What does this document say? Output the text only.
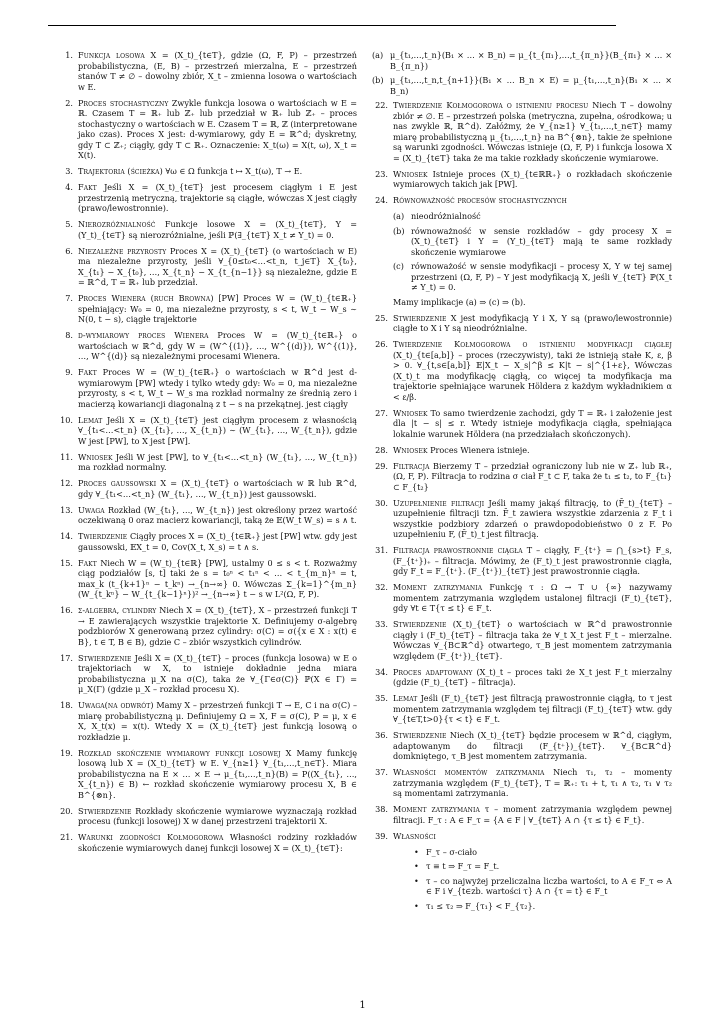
1. Funkcja losowa X = (X_t)_{t∈T}, gdzie (Ω, F, P) – przestrzeń probabilistyczna, (E, B) – przestrzeń mierzalna, E – przestrzeń stanów T ≠ ∅ – dowolny zbiór, X_t – zmienna losowa o wartościach w E.
2. Proces stochastyczny Zwykle funkcja losowa o wartościach w E = ℝ. Czasem T = ℝ₊ lub ℤ₊ lub przedział w ℝ₊ lub ℤ₊ – proces stochastyczny o wartościach w E. Czasem T = ℝ, ℤ (interpretowane jako czas). Proces X jest: d-wymiarowy, gdy E = ℝ^d; dyskretny, gdy T ⊂ ℤ₊; ciągły, gdy T ⊂ ℝ₊. Oznaczenie: X_t(ω) = X(t, ω), X_t = X(t).
3. Trajektoria (ścieżka) ∀ω ∈ Ω funkcja t ↦ X_t(ω), T → E.
4. Fakt Jeśli X = (X_t)_{t∈T} jest procesem ciągłym i E jest przestrzenią metryczną, trajektorie są ciągłe, wówczas X jest ciągły (prawo/lewostronnie).
5. Nierozróżnialność Funkcje losowe X = (X_t)_{t∈T}, Y = (Y_t)_{t∈T} są nierozróżnialne, jeśli ℙ(∃_{t∈T} X_t ≠ Y_t) = 0.
6. Niezależne przyrosty Proces X = (X_t)_{t∈T} (o wartościach w E) ma niezależne przyrosty, jeśli ∀_{0≤t₀<…<t_n, t_j∈T} X_{t₀}, X_{t₁} − X_{t₀}, …, X_{t_n} − X_{t_{n−1}} są niezależne, gdzie E = ℝ^d, T = ℝ₊ lub przedział.
7. Proces Wienera (ruch Browna) [PW] Proces W = (W_t)_{t∈ℝ₊} spełniający: W₀ = 0, ma niezależne przyrosty, s < t, W_t − W_s ∼ N(0, t − s), ciągłe trajektorie
8. d-wymiarowy proces Wienera Proces W = (W_t)_{t∈ℝ₊} o wartościach w ℝ^d, gdy W = (W^{(1)}, …, W^{(d)}), W^{(1)}, …, W^{(d)} są niezależnymi procesami Wienera.
9. Fakt Proces W = (W_t)_{t∈ℝ₊} o wartościach w ℝ^d jest d-wymiarowym [PW] wtedy i tylko wtedy gdy: W₀ = 0, ma niezależne przyrosty, s < t, W_t − W_s ma rozkład normalny ze średnią zero i macierzą kowariancji diagonalną z t − s na przekątnej. jest ciągły
10. Lemat Jeśli X = (X_t)_{t∈T} jest ciągłym procesem z własnością ∀_{t₁<…<t_n} (X_{t₁}, …, X_{t_n}) ∼ (W_{t₁}, …, W_{t_n}), gdzie W jest [PW], to X jest [PW].
11. Wniosek Jeśli W jest [PW], to ∀_{t₁<…<t_n} (W_{t₁}, …, W_{t_n}) ma rozkład normalny.
12. Proces gaussowski X = (X_t)_{t∈T} o wartościach w ℝ lub ℝ^d, gdy ∀_{t₁<…<t_n} (W_{t₁}, …, W_{t_n}) jest gaussowski.
13. Uwaga Rozkład (W_{t₁}, …, W_{t_n}) jest określony przez wartość oczekiwaną 0 oraz macierz kowariancji, taką że 𝔼(W_t W_s) = s ∧ t.
14. Twierdzenie Ciągły proces X = (X_t)_{t∈ℝ₊} jest [PW] wtw. gdy jest gaussowski, 𝔼X_t = 0, Cov(X_t, X_s) = t ∧ s.
15. Fakt Niech W = (W_t)_{t∈ℝ} [PW], ustalmy 0 ≤ s < t. Rozważmy ciąg podziałów [s, t] taki że s = t₀ⁿ < t₁ⁿ < … < t_{m_n}ⁿ = t, max_k (t_{k+1}ⁿ − t_kⁿ) →_{n→∞} 0. Wówczas Σ_{k=1}^{m_n} (W_{t_kⁿ} − W_{t_{k−1}ⁿ})² →_{n→∞} t − s w L²(Ω, F, P).
16. σ-algebra, cylindry Niech X = (X_t)_{t∈T}, X – przestrzeń funkcji T → E zawierających wszystkie trajektorie X. Definiujemy σ-algebrę podzbiorów X generowaną przez cylindry: σ(C) = σ({x ∈ X : x(t) ∈ B}, t ∈ T, B ∈ B), gdzie C – zbiór wszystkich cylindrów.
17. Stwierdzenie Jeśli X = (X_t)_{t∈T} – proces (funkcja losowa) w E o trajektoriach w X, to istnieje dokładnie jedna miara probabilistyczna μ_X na σ(C), taka że ∀_{Γ∈σ(C)} ℙ(X ∈ Γ) = μ_X(Γ) (gdzie μ_X – rozkład procesu X).
18. Uwaga(na odwrót) Mamy X – przestrzeń funkcji T → E, C i na σ(C) – miarę probabilistyczną μ. Definiujemy Ω = X, F = σ(C), P = μ, x ∈ X, X_t(x) = x(t). Wtedy X = (X_t)_{t∈T} jest funkcją losową o rozkładzie μ.
19. Rozkład skończenie wymiarowy funkcji losowej X Mamy funkcję losową lub X = (X_t)_{t∈T} w E. ∀_{n≥1} ∀_{t₁,…,t_n∈T}. Miara probabilistyczna na E × … × E → μ_{t₁,…,t_n}(B) = P((X_{t₁}, …, X_{t_n}) ∈ B) ← rozkład skończenie wymiarowy procesu X, B ∈ B^{⊗n}.
20. Stwierdzenie Rozkłady skończenie wymiarowe wyznaczają rozkład procesu (funkcji losowej) X w danej przestrzeni trajektorii X.
21. Warunki zgodności Kołmogorowa Własności rodziny rozkładów skończenie wymiarowych danej funkcji losowej X = (X_t)_{t∈T}:
(a) μ_{t₁,…,t_n}(B₁ × … × B_n) = μ_{t_{π₁},…,t_{π_n}}(B_{π₁} × … × B_{π_n})
(b) μ_{t₁,…,t_n,t_{n+1}}(B₁ × … B_n × E) = μ_{t₁,…,t_n}(B₁ × … × B_n)
22. Twierdzenie Kołmogorowa o istnieniu procesu Niech T – dowolny zbiór ≠ ∅. E – przestrzeń polska (metryczna, zupełna, ośrodkowa; u nas zwykle ℝ, ℝ^d). Załóżmy, że ∀_{n≥1} ∀_{t₁,…,t_n∈T} mamy miarę probabilistyczną μ_{t₁,…,t_n} na B^{⊗n}, takie że spełnione są warunki zgodności. Wówczas istnieje (Ω, F, P) i funkcja losowa X = (X_t)_{t∈T} taka że ma takie rozkłady skończenie wymiarowe.
23. Wniosek Istnieje proces (X_t)_{t∈ℝℝ₊} o rozkładach skończenie wymiarowych takich jak [PW].
24. Równoważność procesów stochastycznych
(a) nieodróżnialność
(b) równoważność w sensie rozkładów – gdy procesy X = (X_t)_{t∈T} i Y = (Y_t)_{t∈T} mają te same rozkłady skończenie wymiarowe
(c) równoważość w sensie modyfikacji – procesy X, Y w tej samej przestrzeni (Ω, F, P) – Y jest modyfikacją X, jeśli ∀_{t∈T} ℙ(X_t ≠ Y_t) = 0.
Mamy implikacje (a) ⇒ (c) ⇒ (b).
25. Stwierdzenie X jest modyfikacją Y i X, Y są (prawo/lewostronnie) ciągłe to X i Y są nieodróżnialne.
26. Twierdzenie Kołmogorowa o istnieniu modyfikacji ciągłej (X_t)_{t∈[a,b]} – proces (rzeczywisty), taki że istnieją stałe K, ε, β > 0. ∀_{t,s∈[a,b]} 𝔼|X_t − X_s|^β ≤ K|t − s|^{1+ε}, Wówczas (X_t)_t ma modyfikację ciągłą, co więcej ta modyfikacja ma trajektorie spełniające warunek Höldera z każdym wykładnikiem α < ε/β.
27. Wniosek To samo twierdzenie zachodzi, gdy T = ℝ₊ i założenie jest dla |t − s| ≤ r. Wtedy istnieje modyfikacja ciągła, spełniająca lokalnie warunek Höldera (na przedziałach skończonych).
28. Wniosek Proces Wienera istnieje.
29. Filtracja Bierzemy T – przedział ograniczony lub nie w ℤ₊ lub ℝ₊, (Ω, F, P). Filtracja to rodzina σ ciał F_t ⊂ F, taka że t₁ ≤ t₂, to F_{t₁} ⊂ F_{t₂}
30. Uzupełnienie filtracji Jeśli mamy jakąś filtrację, to (F̄_t)_{t∈T} – uzupełnienie filtracji tzn. F̄_t zawiera wszystkie zdarzenia z F_t i wszystkie podzbiory zdarzeń o prawdopodobieństwo 0 z F. Po uzupełnieniu F, (F̄_t)_t jest filtracją.
31. Filtracja prawostronnie ciągła T – ciągły, F_{t⁺} = ⋂_{s>t} F_s, (F_{t⁺})₊ – filtracja. Mówimy, że (F_t)_t jest prawostronnie ciągła, gdy F_t = F_{t⁺}. (F_{t⁺})_{t∈T} jest prawostronnie ciągła.
32. Moment zatrzymania Funkcję τ : Ω → T ∪ {∞} nazywamy momentem zatrzymania względem ustalonej filtracji (F_t)_{t∈T}, gdy ∀t ∈ T{τ ≤ t} ∈ F_t.
33. Stwierdzenie (X_t)_{t∈T} o wartościach w ℝ^d prawostronnie ciągły i (F_t)_{t∈T} – filtracja taka że ∀_t X_t jest F_t – mierzalne. Wówczas ∀_{B⊂ℝ^d} otwartego, τ_B jest momentem zatrzymania względem (F_{t⁺})_{t∈T}.
34. Proces adaptowany (X_t)_t – proces taki że X_t jest F_t mierzalny (gdzie (F_t)_{t∈T} – filtracja).
35. Lemat Jeśli (F_t)_{t∈T} jest filtracją prawostronnie ciągłą, to τ jest momentem zatrzymania względem tej filtracji (F_t)_{t∈T} wtw. gdy ∀_{t∈T,t>0}{τ < t} ∈ F_t.
36. Stwierdzenie Niech (X_t)_{t∈T} będzie procesem w ℝ^d, ciągłym, adaptowanym do filtracji (F_{t⁺})_{t∈T}. ∀_{B⊂ℝ^d} domkniętego, τ_B jest momentem zatrzymania.
37. Własności momentów zatrzymania Niech τ₁, τ₂ – momenty zatrzymania względem (F_t)_{t∈T}, T = ℝ₊: τ₁ + t, τ₁ ∧ τ₂, τ₁ ∨ τ₂ są momentami zatrzymania.
38. Moment zatrzymania τ – moment zatrzymania względem pewnej filtracji. F_τ : A ∈ F_τ = {A ∈ F | ∀_{t∈T} A ∩ {τ ≤ t} ∈ F_t}.
39. Własności
• F_τ – σ-ciało
• τ ≡ t ⇒ F_τ = F_t.
• τ – co najwyżej przeliczalna liczba wartości, to A ∈ F_τ ⇔ A ∈ F i ∀_{t∈zb. wartości τ} A ∩ {τ = t} ∈ F_t
• τ₁ ≤ τ₂ ⇒ F_{τ₁} < F_{τ₂}.
1
